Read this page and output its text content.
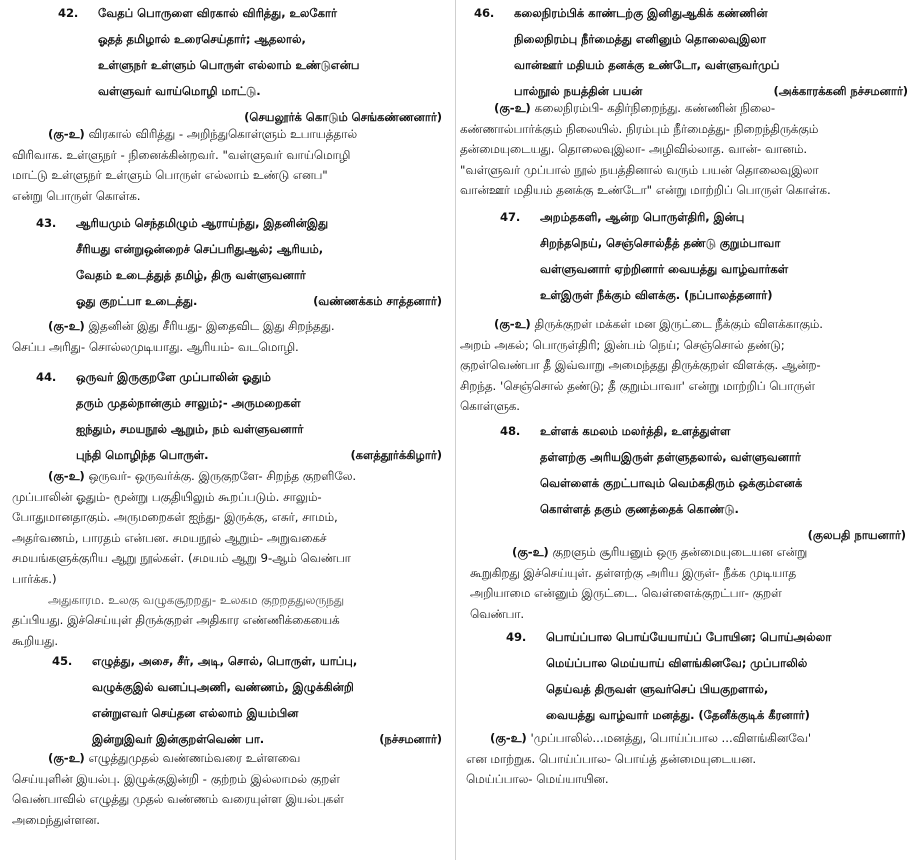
42. வேதப் பொருளை விரகால் விரித்து, உலகோர்
ஓதத் தமிழால் உரைசெய்தார்; ஆதலால்,
உள்ளுநர் உள்ளும் பொருள் எல்லாம் உண்டுஎன்ப
வள்ளுவர் வாய்மொழி மாட்டு.
(செயலூர்க் கொடும் செங்கண்ணனார்)
(கு-உ) விரகால் விரித்து - அறிந்துகொள்ளும் உபாயத்தால்
விரிவாக. உள்ளுநர் - நினைக்கின்றவர். "வள்ளுவர் வாய்மொழி
மாட்டு உள்ளுநர் உள்ளும் பொருள் எல்லாம் உண்டு எனப"
என்று பொருள் கொள்க.
43. ஆரியமும் செந்தமிழும் ஆராய்ந்து, இதனின்இது
சீரியது என்றுஒன்றைச் செப்பரிதுஆல்; ஆரியம்,
வேதம் உடைத்துத் தமிழ், திரு வள்ளுவனார்
ஓது குறட்பா உடைத்து.	(வண்ணக்கம் சாத்தனார்)
(கு-உ) இதனின் இது சீரியது- இதைவிட இது சிறந்தது.
செப்ப அரிது- சொல்லமுடியாது. ஆரியம்- வடமொழி.
44. ஒருவர் இருகுறளே முப்பாலின் ஓதும்
தரும் முதல்நான்கும் சாலும்;- அருமறைகள்
ஐந்தும், சமயநூல் ஆறும், நம் வள்ளுவனார்
புந்தி மொழிந்த பொருள்.	(களத்தூர்க்கிழார்)
(கு-உ) ஒருவர்- ஒருவர்க்கு. இருகுறளே- சிறந்த குறளிலே.
முப்பாலின் ஓதும்- மூன்று பகுதியிலும் கூறப்படும். சாலும்-
போதுமானதாகும். அருமறைகள் ஐந்து- இருக்கு, எசுர், சாமம்,
அதர்வணம், பாரதம் என்பன. சமயநூல் ஆறும்- அறுவகைச்
சமயங்களுக்குரிய ஆறு நூல்கள். (சமயம் ஆறு 9-ஆம் வெண்பா
பார்க்க.)
அதுகாரம. உலகு வழுகசூறறது- உலகம குறறததுலருநது
தப்பியது. இச்செய்யுள் திருக்குறள் அதிகார எண்ணிக்கையைக்
கூறியது.
45. எழுத்து, அசை, சீர், அடி, சொல், பொருள், யாப்பு,
வழுக்குஇல் வனப்புஅணி, வண்ணம், இழுக்கின்றி
என்றுஎவர் செய்தன எல்லாம் இயம்பின
இன்றுஇவர் இன்குறள்வெண் பா.	(நச்சமனார்)
(கு-உ) எழுத்துமுதல் வண்ணம்வரை உள்ளவை
செய்யுளின் இயல்பு. இழுக்குஇன்றி - குற்றம் இல்லாமல் குறள்
வெண்பாவில் எழுத்து முதல் வண்ணம் வரையுள்ள இயல்புகள்
அமைந்துள்ளன.
46. கலைநிரம்பிக் காண்டற்கு இனிதுஆகிக் கண்ணின்
நிலைநிரம்பு நீர்மைத்து எனினும் தொலைவுஇலா
வான்ஊர் மதியம் தனக்கு உண்டோ, வள்ளுவர்முப்
பால்நூல் நயத்தின் பயன்	(அக்காரக்கனி நச்சமனார்)
(கு-உ) கலைநிரம்பி- கதிர்நிறைந்து. கண்ணின் நிலை-
கண்ணால்பார்க்கும் நிலையில். நிரம்பும் நீர்மைத்து- நிறைந்திருக்கும்
தன்மையுடையது. தொலைவுஇலா- அழிவில்லாத. வான்- வானம்.
"வள்ளுவர் முப்பால் நூல் நயத்தினால் வரும் பயன் தொலைவுஇலா
வான்ஊர் மதியம் தனக்கு உண்டோ" என்று மாற்றிப் பொருள் கொள்க.
47. அறம்தகளி, ஆன்ற பொருள்திரி, இன்பு
சிறந்தநெய், செஞ்சொல்தீத் தண்டு குறும்பாவா
வள்ளுவனார் ஏற்றினார் வையத்து வாழ்வார்கள்
உள்இருள் நீக்கும் விளக்கு. (நப்பாலத்தனார்)
(கு-உ) திருக்குறள் மக்கள் மன இருட்டை நீக்கும் விளக்காகும்.
அறம் அகல்; பொருள்திரி; இன்பம் நெய்; செஞ்சொல் தண்டு;
குறள்வெண்பா தீ இவ்வாறு அமைந்தது திருக்குறள் விளக்கு. ஆன்ற-
சிறந்த. 'செஞ்சொல் தண்டு; தீ குறும்பாவா' என்று மாற்றிப் பொருள்
கொள்ளுக.
48. உள்ளக் கமலம் மலர்த்தி, உளத்துள்ள
தள்ளற்கு அரியஇருள் தள்ளுதலால், வள்ளுவனார்
வெள்ளைக் குறட்பாவும் வெம்கதிரும் ஒக்கும்எனக்
கொள்ளத் தகும் குணத்தைக் கொண்டு.
(குலபதி நாயனார்)
(கு-உ) குறளும் சூரியனும் ஒரு தன்மையுடையன என்று
கூறுகிறது இச்செய்யுள். தள்ளற்கு அரிய இருள்- நீக்க முடியாத
அறியாமை என்னும் இருட்டை. வெள்ளைக்குறட்பா- குறள்
வெண்பா.
49. பொய்ப்பால பொய்யேயாய்ப் போயின; பொய்அல்லா
மெய்ப்பால மெய்யாய் விளங்கினவே; முப்பாலில்
தெய்வத் திருவள் ளுவர்செப் பியகுறளால்,
வையத்து வாழ்வார் மனத்து. (தேனீக்குடிக் கீரனார்)
(கு-உ) 'முப்பாலில்...மனத்து, பொய்ப்பால ...விளங்கினவே'
என மாற்றுக. பொய்ப்பால- பொய்த் தன்மையுடையன.
மெய்ப்பால- மெய்யாயின.
